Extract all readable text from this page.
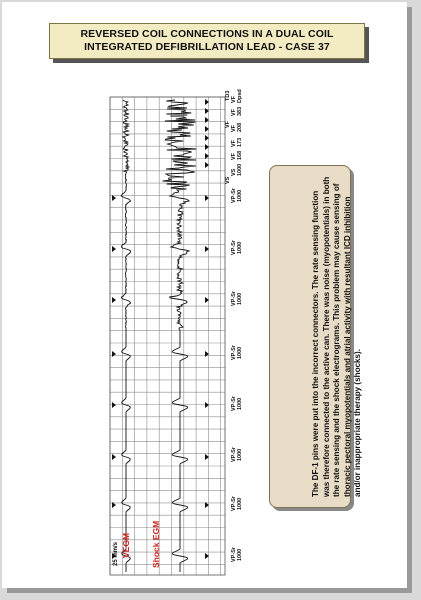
REVERSED COIL CONNECTIONS IN A DUAL COIL
INTEGRATED DEFIBRILLATION LEAD - CASE 37
25 mm/s VEGM Shock EGM	VP-Sr 1000
VP-Sr 1000
VP-Sr 1000
VP-Sr 1000
VP-Sr 1000
VP-Sr 1000
VP-Sr 1000
VP-Sr 1000
VS 1000
VF 168
VF 173
VF 208
VF 383
VF Dpsd
VS
VF
TD3
The DF-1 pins were put into the incorrect connectors. The rate sensing function was therefore connected to the active can. There was noise (myopotentials) in both the rate sensing and the shock electrograms. This problem may cause sensing of thoracic pectoral myopotentials and atrial activity with resultant ICD inhibition and/or inappropriate therapy (shocks).
